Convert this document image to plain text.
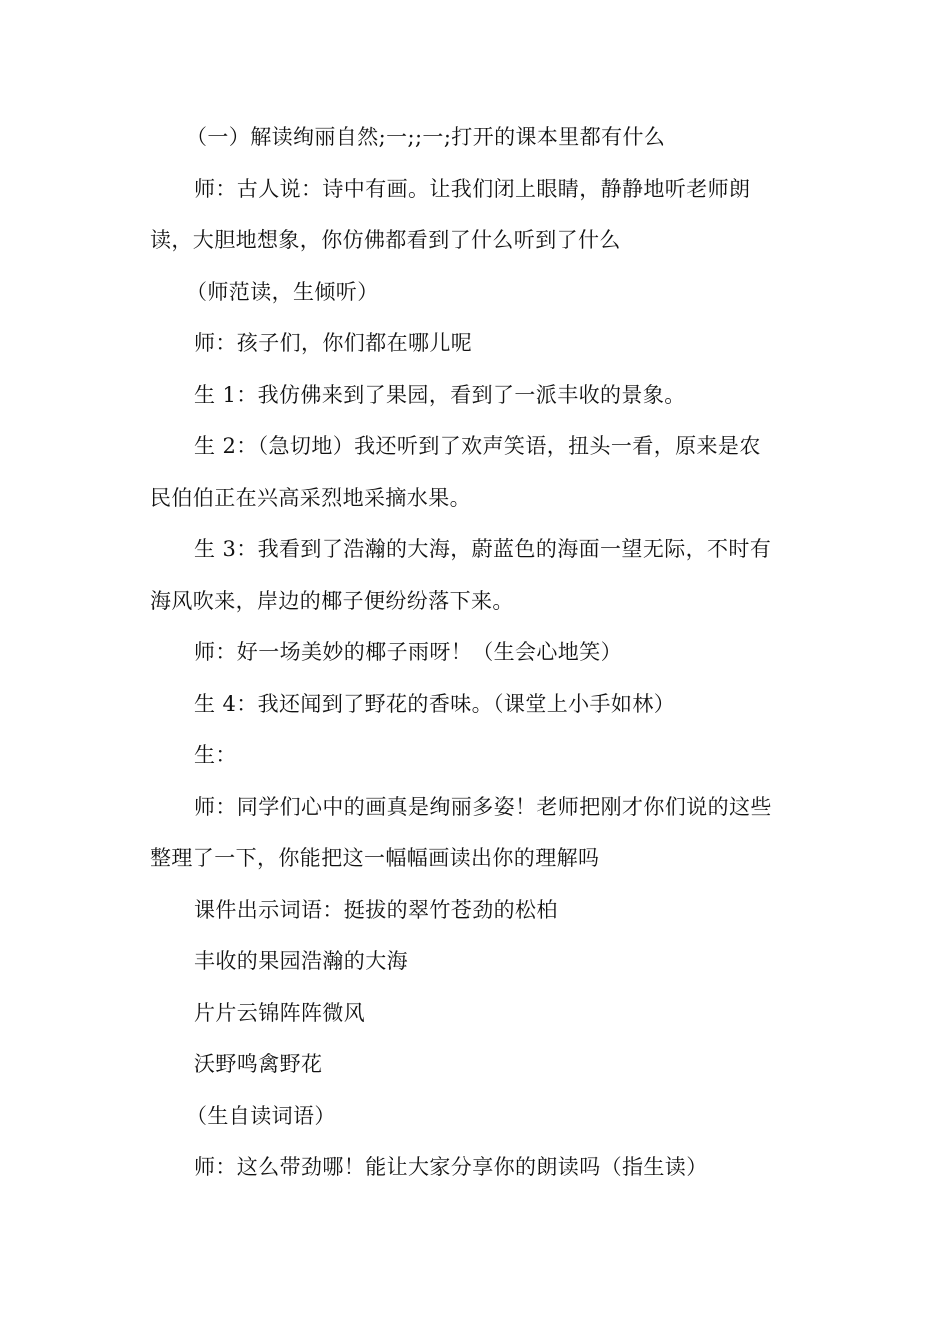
（一）解读绚丽自然;一;;一;打开的课本里都有什么
师：古人说：诗中有画。让我们闭上眼睛，静静地听老师朗
读，大胆地想象，你仿佛都看到了什么听到了什么
（师范读，生倾听）
师：孩子们，你们都在哪儿呢
生 1：我仿佛来到了果园，看到了一派丰收的景象。
生 2：（急切地）我还听到了欢声笑语，扭头一看，原来是农
民伯伯正在兴高采烈地采摘水果。
生 3：我看到了浩瀚的大海，蔚蓝色的海面一望无际，不时有
海风吹来，岸边的椰子便纷纷落下来。
师：好一场美妙的椰子雨呀！（生会心地笑）
生 4：我还闻到了野花的香味。（课堂上小手如林）
生：
师：同学们心中的画真是绚丽多姿！老师把刚才你们说的这些
整理了一下，你能把这一幅幅画读出你的理解吗
课件出示词语：挺拔的翠竹苍劲的松柏
丰收的果园浩瀚的大海
片片云锦阵阵微风
沃野鸣禽野花
（生自读词语）
师：这么带劲哪！能让大家分享你的朗读吗（指生读）
